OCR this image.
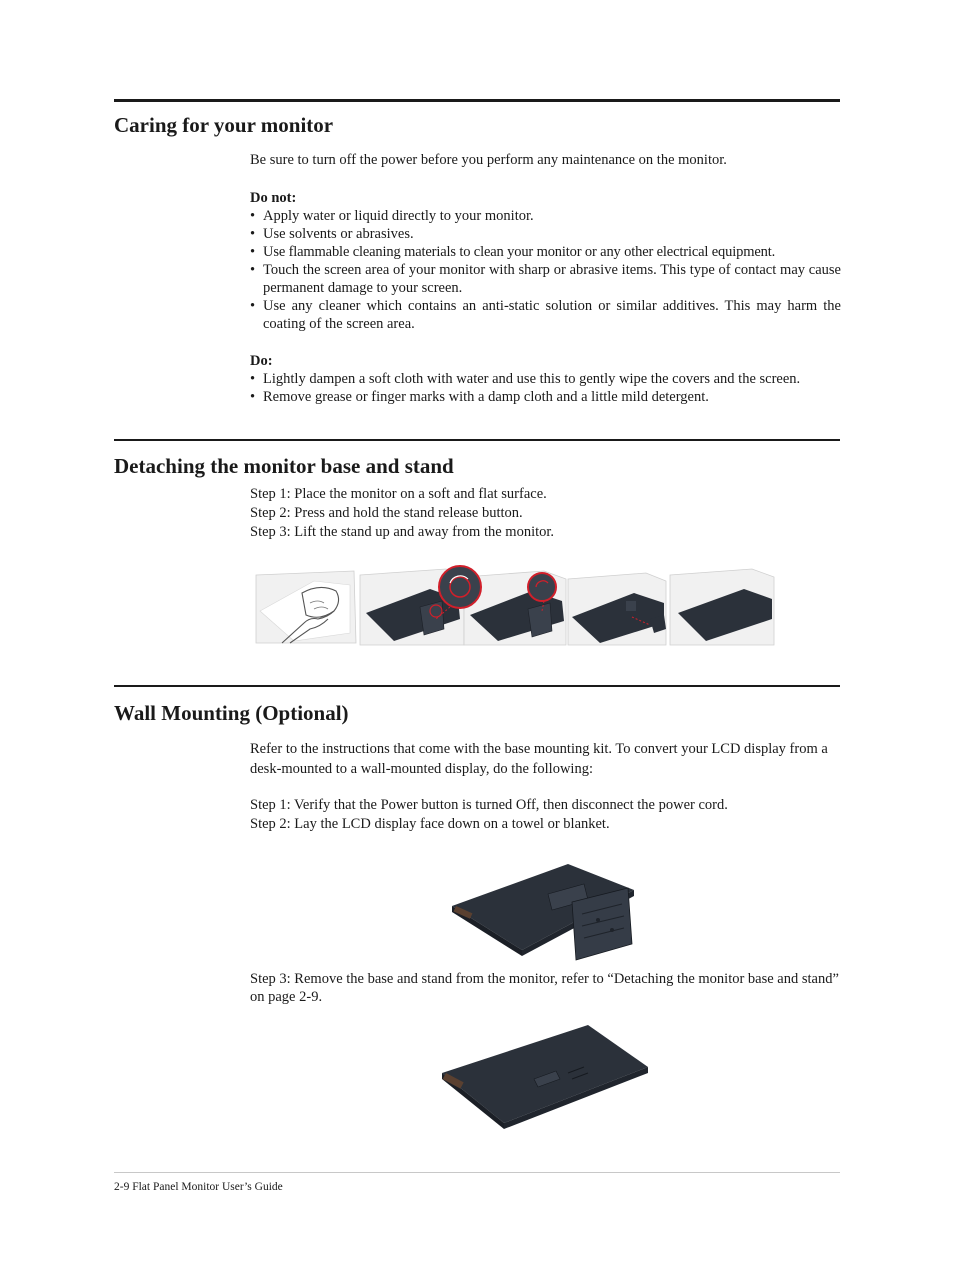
Caring for your monitor

Be sure to turn off the power before you perform any maintenance on the monitor.

Do not:

• Apply water or liquid directly to your monitor.
• Use solvents or abrasives.
• Use flammable cleaning materials to clean your monitor or any other electrical equipment.
• Touch the screen area of your monitor with sharp or abrasive items. This type of contact may cause permanent damage to your screen.
• Use any cleaner which contains an anti-static solution or similar additives. This may harm the coating of the screen area.

Do:

• Lightly dampen a soft cloth with water and use this to gently wipe the covers and the screen.
• Remove grease or finger marks with a damp cloth and a little mild detergent.
Detaching the monitor base and stand

Step 1: Place the monitor on a soft and flat surface.

Step 2: Press and hold the stand release button.

Step 3: Lift the stand up and away from the monitor.

Wall Mounting (Optional)

Refer to the instructions that come with the base mounting kit. To convert your LCD display from a desk-mounted to a wall-mounted display, do the following:

Step 1: Verify that the Power button is turned Off, then disconnect the power cord.

Step 2: Lay the LCD display face down on a towel or blanket.

Step 3: Remove the base and stand from the monitor, refer to “Detaching the monitor base and stand” on page 2-9.

2-9 Flat Panel Monitor User’s Guide
